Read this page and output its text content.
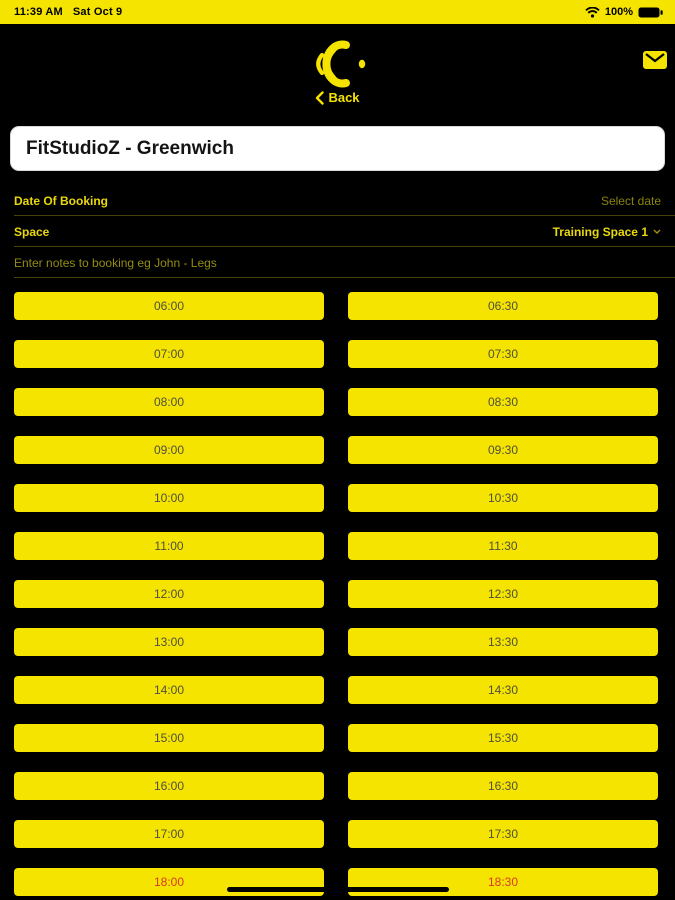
11:39 AM Sat Oct 9	100%
Back
FitStudioZ - Greenwich
Date Of Booking	Select date
Space	Training Space 1
Enter notes to booking eg John - Legs
06:00	06:30
07:00	07:30
08:00	08:30
09:00	09:30
10:00	10:30
11:00	11:30
12:00	12:30
13:00	13:30
14:00	14:30
15:00	15:30
16:00	16:30
17:00	17:30
18:00	18:30
